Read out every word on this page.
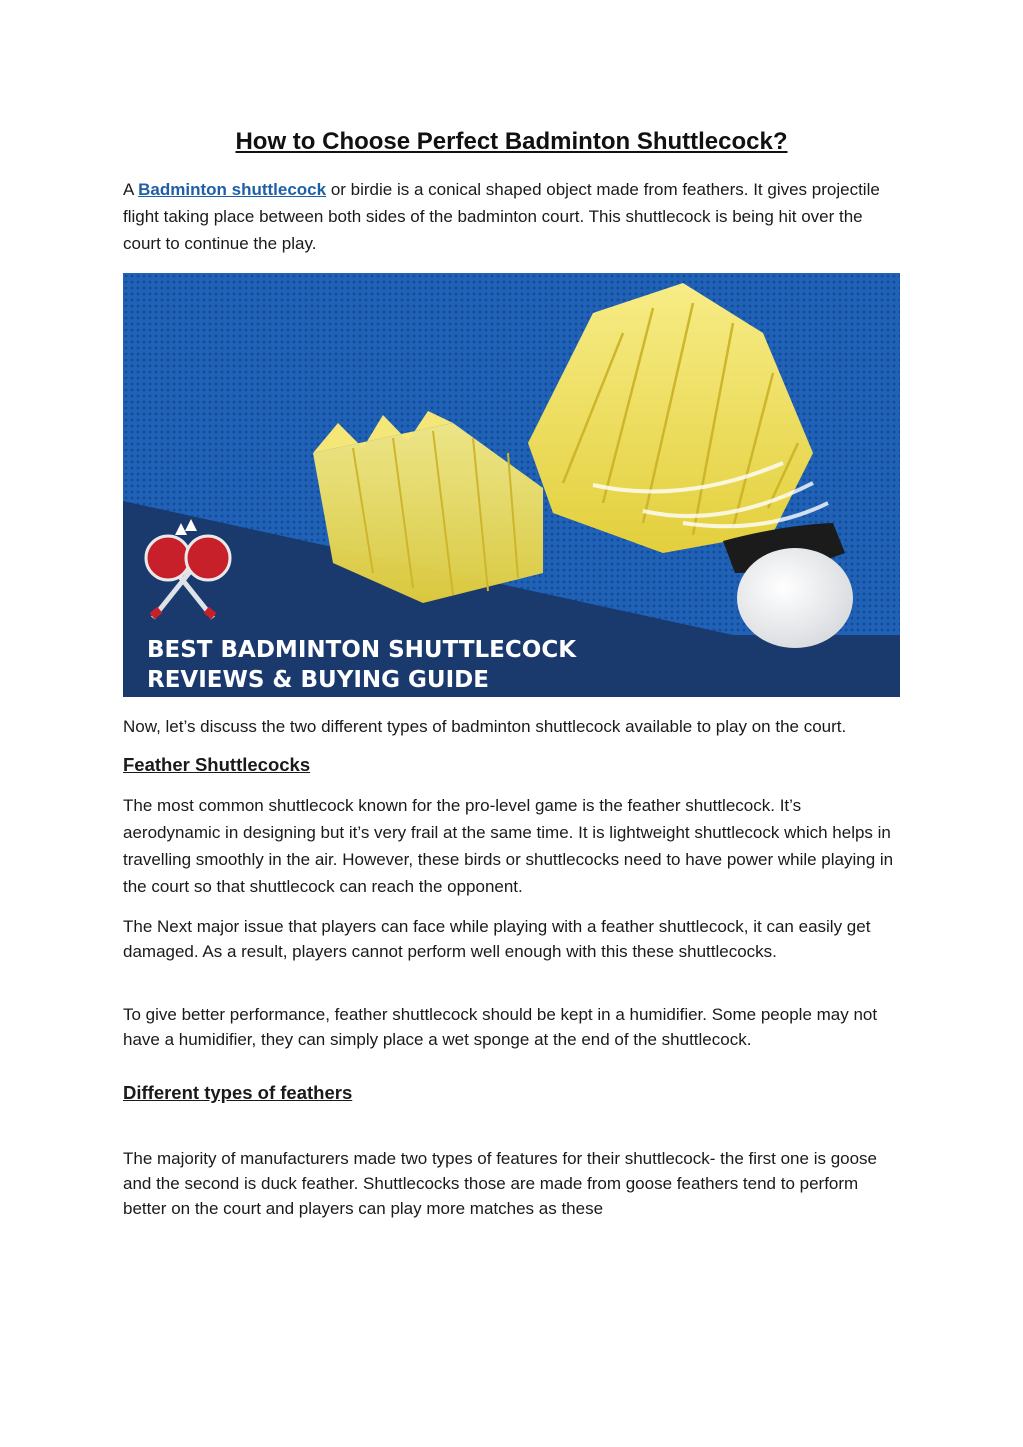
How to Choose Perfect Badminton Shuttlecock?

A Badminton shuttlecock or birdie is a conical shaped object made from feathers. It gives projectile flight taking place between both sides of the badminton court. This shuttlecock is being hit over the court to continue the play.

BEST BADMINTON SHUTTLECOCK
REVIEWS & BUYING GUIDE

Now, let’s discuss the two different types of badminton shuttlecock available to play on the court.

Feather Shuttlecocks

The most common shuttlecock known for the pro-level game is the feather shuttlecock. It’s aerodynamic in designing but it’s very frail at the same time. It is lightweight shuttlecock which helps in travelling smoothly in the air. However, these birds or shuttlecocks need to have power while playing in the court so that shuttlecock can reach the opponent.

The Next major issue that players can face while playing with a feather shuttlecock, it can easily get damaged. As a result, players cannot perform well enough with this these shuttlecocks.

To give better performance, feather shuttlecock should be kept in a humidifier. Some people may not have a humidifier, they can simply place a wet sponge at the end of the shuttlecock.

Different types of feathers

The majority of manufacturers made two types of features for their shuttlecock- the first one is goose and the second is duck feather. Shuttlecocks those are made from goose feathers tend to perform better on the court and players can play more matches as these
